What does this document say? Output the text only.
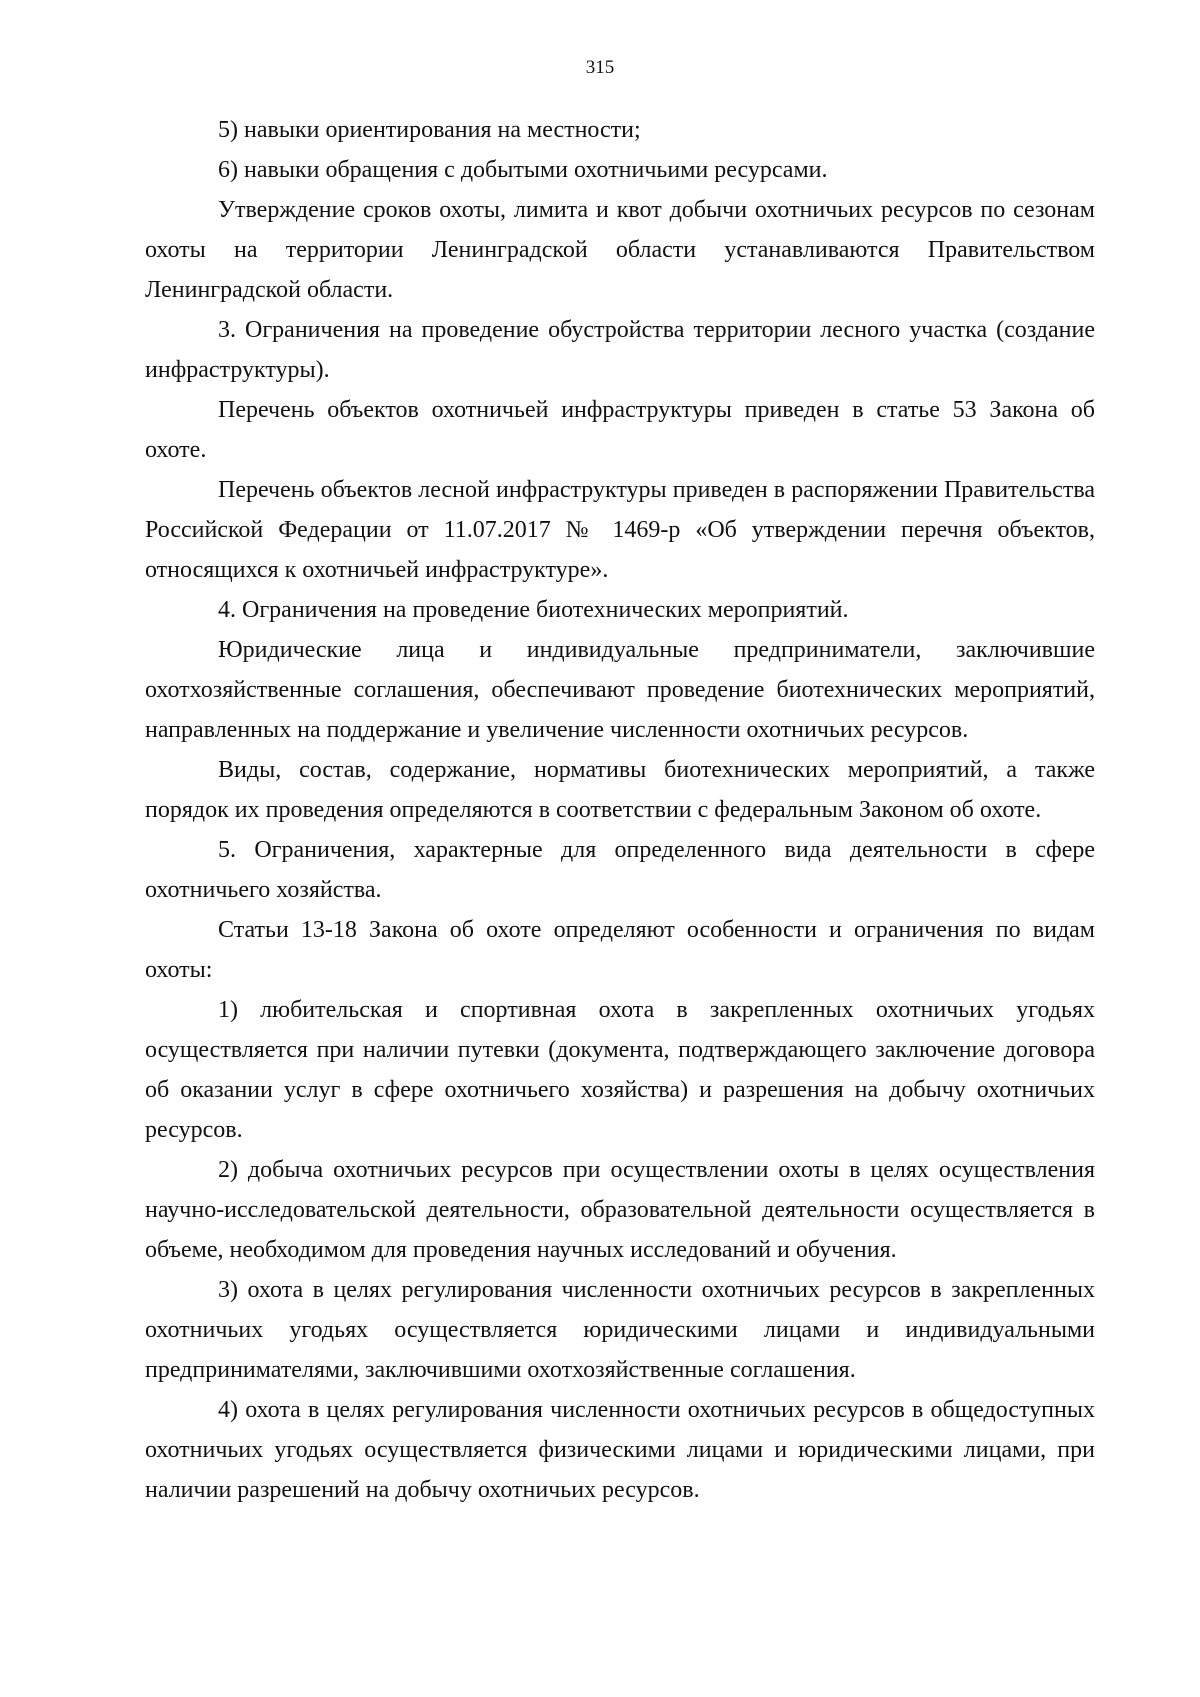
315

5) навыки ориентирования на местности;

6) навыки обращения с добытыми охотничьими ресурсами.

Утверждение сроков охоты, лимита и квот добычи охотничьих ресурсов по сезонам охоты на территории Ленинградской области устанавливаются Правительством Ленинградской области.

3. Ограничения на проведение обустройства территории лесного участка (создание инфраструктуры).

Перечень объектов охотничьей инфраструктуры приведен в статье 53 Закона об охоте.

Перечень объектов лесной инфраструктуры приведен в распоряжении Правительства Российской Федерации от 11.07.2017 № 1469-р «Об утверждении перечня объектов, относящихся к охотничьей инфраструктуре».

4. Ограничения на проведение биотехнических мероприятий.

Юридические лица и индивидуальные предприниматели, заключившие охотхозяйственные соглашения, обеспечивают проведение биотехнических мероприятий, направленных на поддержание и увеличение численности охотничьих ресурсов.

Виды, состав, содержание, нормативы биотехнических мероприятий, а также порядок их проведения определяются в соответствии с федеральным Законом об охоте.

5. Ограничения, характерные для определенного вида деятельности в сфере охотничьего хозяйства.

Статьи 13-18 Закона об охоте определяют особенности и ограничения по видам охоты:

1) любительская и спортивная охота в закрепленных охотничьих угодьях осуществляется при наличии путевки (документа, подтверждающего заключение договора об оказании услуг в сфере охотничьего хозяйства) и разрешения на добычу охотничьих ресурсов.

2) добыча охотничьих ресурсов при осуществлении охоты в целях осуществления научно-исследовательской деятельности, образовательной деятельности осуществляется в объеме, необходимом для проведения научных исследований и обучения.

3) охота в целях регулирования численности охотничьих ресурсов в закрепленных охотничьих угодьях осуществляется юридическими лицами и индивидуальными предпринимателями, заключившими охотхозяйственные соглашения.

4) охота в целях регулирования численности охотничьих ресурсов в общедоступных охотничьих угодьях осуществляется физическими лицами и юридическими лицами, при наличии разрешений на добычу охотничьих ресурсов.
